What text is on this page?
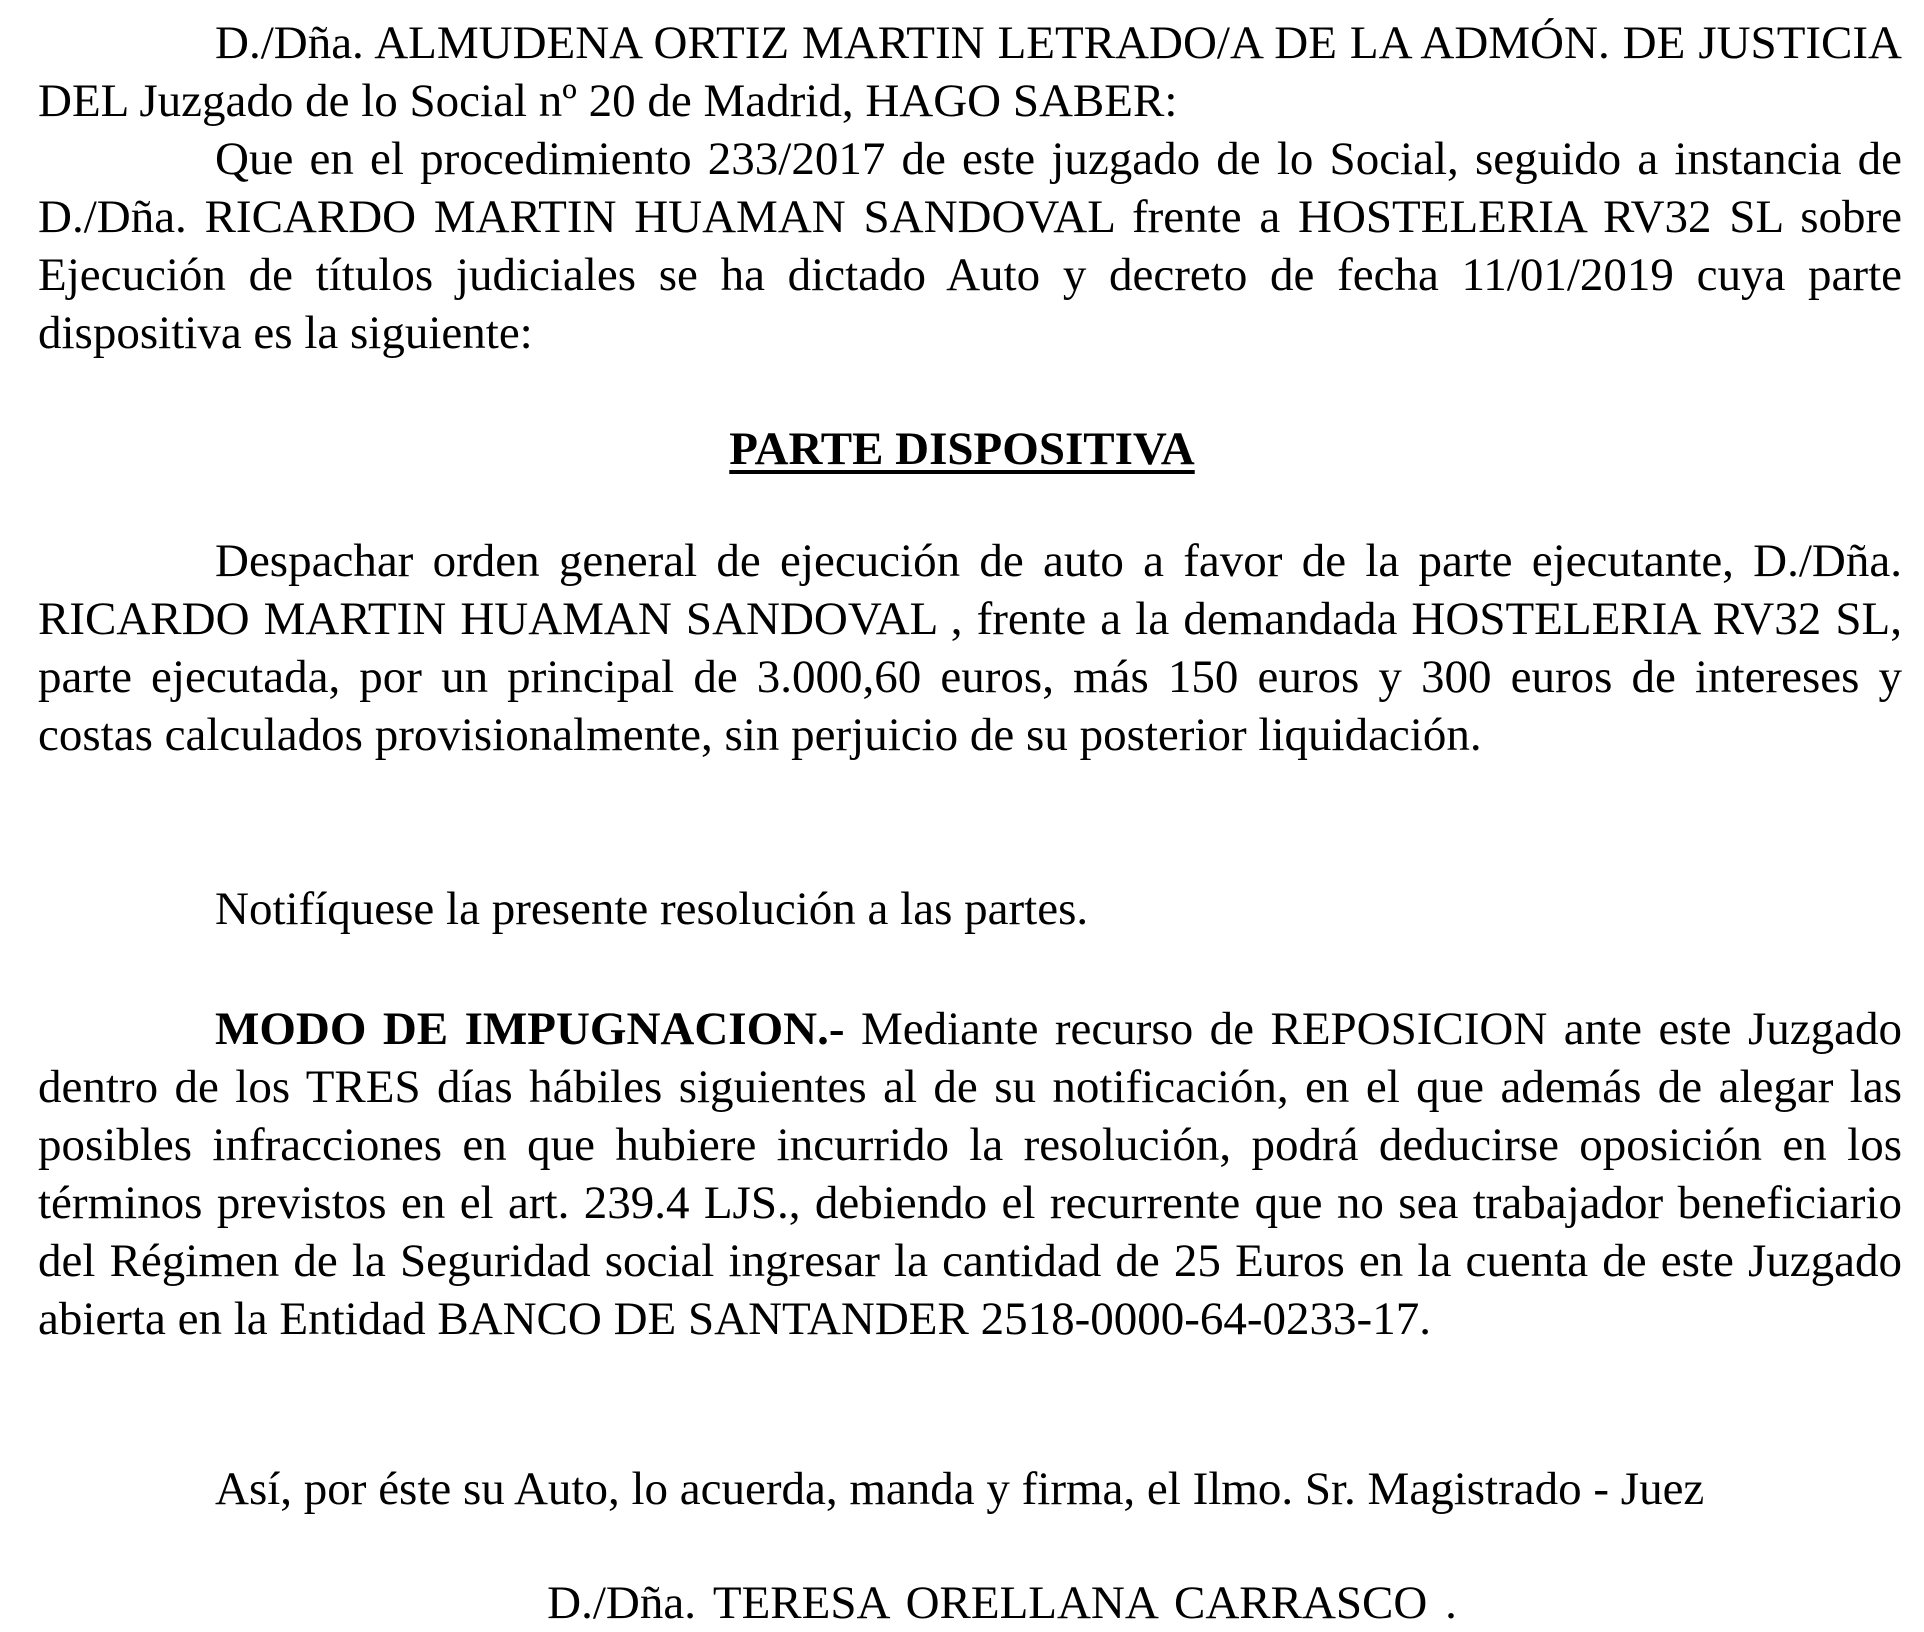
D./Dña. ALMUDENA ORTIZ MARTIN LETRADO/A DE LA ADMÓN. DE JUSTICIA DEL Juzgado de lo Social nº 20 de Madrid, HAGO SABER:

Que en el procedimiento 233/2017 de este juzgado de lo Social, seguido a instancia de D./Dña. RICARDO MARTIN HUAMAN SANDOVAL frente a HOSTELERIA RV32 SL sobre Ejecución de títulos judiciales se ha dictado Auto y decreto de fecha 11/01/2019 cuya parte dispositiva es la siguiente:

PARTE DISPOSITIVA

Despachar orden general de ejecución de auto a favor de la parte ejecutante, D./Dña. RICARDO MARTIN HUAMAN SANDOVAL , frente a la demandada HOSTELERIA RV32 SL, parte ejecutada, por un principal de 3.000,60 euros, más 150 euros y 300 euros de intereses y costas calculados provisionalmente, sin perjuicio de su posterior liquidación.

Notifíquese la presente resolución a las partes.

MODO DE IMPUGNACION.- Mediante recurso de REPOSICION ante este Juzgado dentro de los TRES días hábiles siguientes al de su notificación, en el que además de alegar las posibles infracciones en que hubiere incurrido la resolución, podrá deducirse oposición en los términos previstos en el art. 239.4 LJS., debiendo el recurrente que no sea trabajador beneficiario del Régimen de la Seguridad social ingresar la cantidad de 25 Euros en la cuenta de este Juzgado abierta en la Entidad BANCO DE SANTANDER 2518-0000-64-0233-17.

Así, por éste su Auto, lo acuerda, manda y firma, el Ilmo. Sr. Magistrado - Juez

D./Dña. TERESA ORELLANA CARRASCO .
